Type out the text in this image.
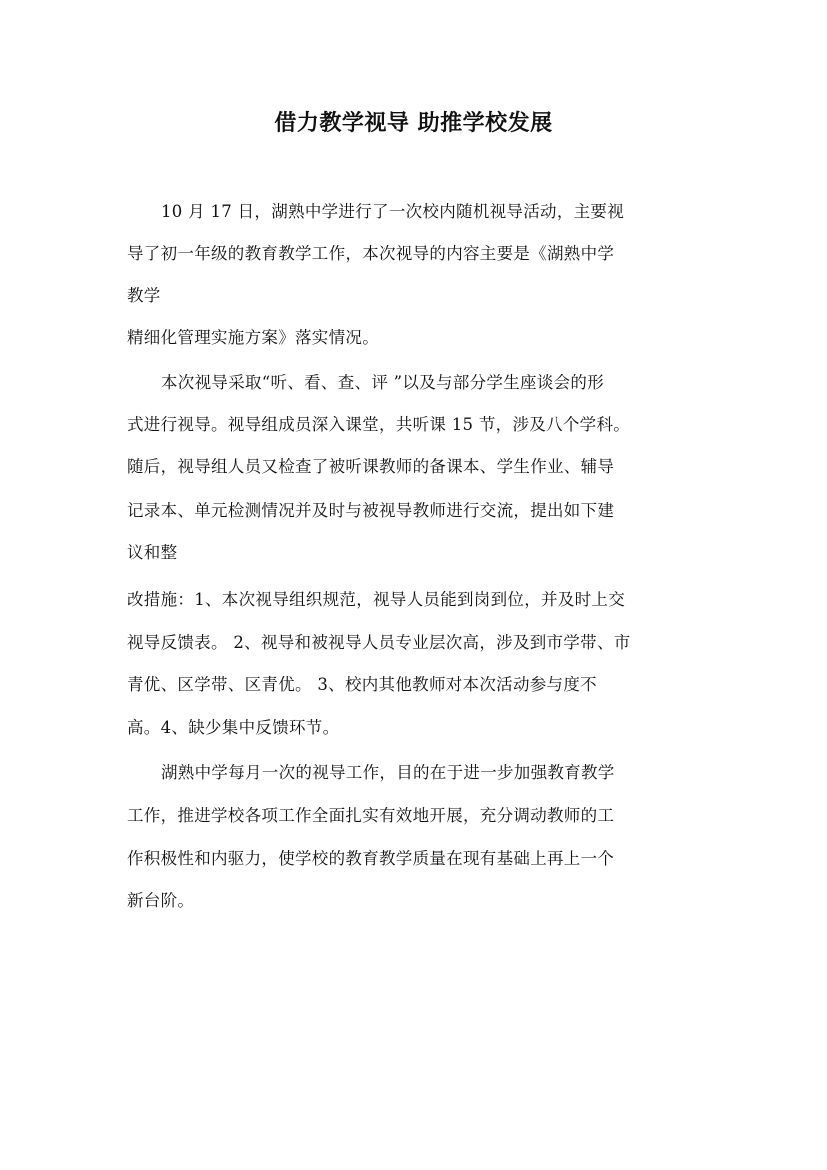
借力教学视导 助推学校发展
10 月 17 日，湖熟中学进行了一次校内随机视导活动，主要视
导了初一年级的教育教学工作，本次视导的内容主要是《湖熟中学
教学
精细化管理实施方案》落实情况。
本次视导采取“听、看、查、评 ”以及与部分学生座谈会的形
式进行视导。视导组成员深入课堂，共听课 15 节，涉及八个学科。
随后，视导组人员又检查了被听课教师的备课本、学生作业、辅导
记录本、单元检测情况并及时与被视导教师进行交流，提出如下建
议和整
改措施：1、本次视导组织规范，视导人员能到岗到位，并及时上交
视导反馈表。 2、视导和被视导人员专业层次高，涉及到市学带、市
青优、区学带、区青优。 3、校内其他教师对本次活动参与度不
高。4、缺少集中反馈环节。
湖熟中学每月一次的视导工作，目的在于进一步加强教育教学
工作，推进学校各项工作全面扎实有效地开展，充分调动教师的工
作积极性和内驱力，使学校的教育教学质量在现有基础上再上一个
新台阶。
